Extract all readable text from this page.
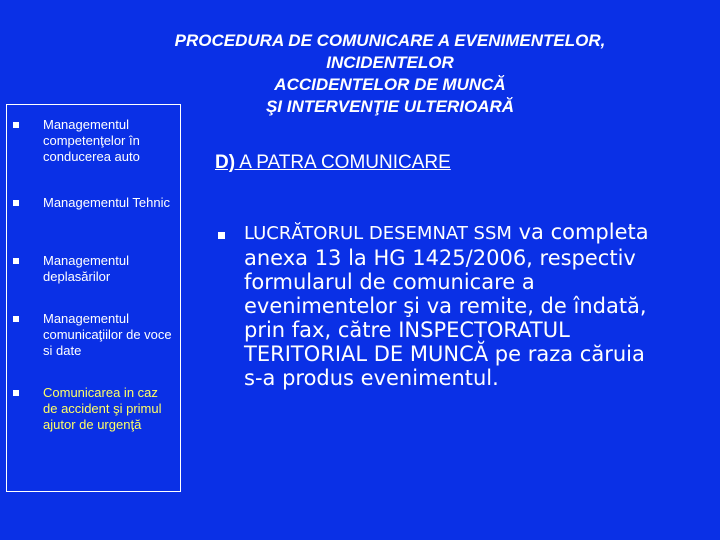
PROCEDURA DE COMUNICARE A EVENIMENTELOR,
INCIDENTELOR
ACCIDENTELOR DE MUNCĂ
ŞI INTERVENŢIE ULTERIOARĂ
Managementul competenţelor în conducerea auto
Managementul Tehnic
Managementul deplasărilor
Managementul comunicaţiilor de voce si date
Comunicarea in caz de accident şi primul ajutor de urgenţă
D) A PATRA COMUNICARE
LUCRĂTORUL DESEMNAT SSM va completa anexa 13 la HG 1425/2006, respectiv formularul de comunicare a evenimentelor şi va remite, de îndată, prin fax, către INSPECTORATUL TERITORIAL DE MUNCĂ pe raza căruia s-a produs evenimentul.
